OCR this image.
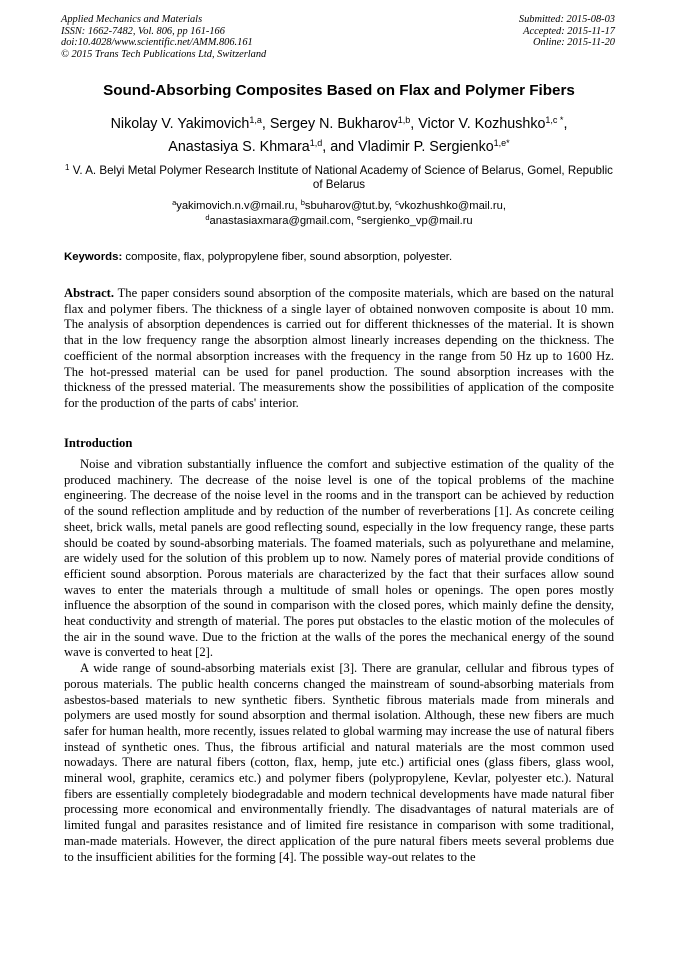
Applied Mechanics and Materials
ISSN: 1662-7482, Vol. 806, pp 161-166
doi:10.4028/www.scientific.net/AMM.806.161
© 2015 Trans Tech Publications Ltd, Switzerland
Submitted: 2015-08-03
Accepted: 2015-11-17
Online: 2015-11-20
Sound-Absorbing Composites Based on Flax and Polymer Fibers
Nikolay V. Yakimovich$^{1,a}$, Sergey N. Bukharov$^{1,b}$, Victor V. Kozhushko$^{1,c *}$,
Anastasiya S. Khmara$^{1,d}$, and Vladimir P. Sergienko$^{1,e*}$
$^1$ V. A. Belyi Metal Polymer Research Institute of National Academy of Science of Belarus, Gomel, Republic of Belarus
$^a$yakimovich.n.v@mail.ru, $^b$sbuharov@tut.by, $^c$vkozhushko@mail.ru,
$^d$anastasiaxmara@gmail.com, $^e$sergienko_vp@mail.ru
Keywords: composite, flax, polypropylene fiber, sound absorption, polyester.
Abstract. The paper considers sound absorption of the composite materials, which are based on the natural flax and polymer fibers. The thickness of a single layer of obtained nonwoven composite is about 10 mm. The analysis of absorption dependences is carried out for different thicknesses of the material. It is shown that in the low frequency range the absorption almost linearly increases depending on the thickness. The coefficient of the normal absorption increases with the frequency in the range from 50 Hz up to 1600 Hz. The hot-pressed material can be used for panel production. The sound absorption increases with the thickness of the pressed material. The measurements show the possibilities of application of the composite for the production of the parts of cabs' interior.
Introduction

Noise and vibration substantially influence the comfort and subjective estimation of the quality of the produced machinery. The decrease of the noise level is one of the topical problems of the machine engineering. The decrease of the noise level in the rooms and in the transport can be achieved by reduction of the sound reflection amplitude and by reduction of the number of reverberations [1]. As concrete ceiling sheet, brick walls, metal panels are good reflecting sound, especially in the low frequency range, these parts should be coated by sound-absorbing materials. The foamed materials, such as polyurethane and melamine, are widely used for the solution of this problem up to now. Namely pores of material provide conditions of efficient sound absorption. Porous materials are characterized by the fact that their surfaces allow sound waves to enter the materials through a multitude of small holes or openings. The open pores mostly influence the absorption of the sound in comparison with the closed pores, which mainly define the density, heat conductivity and strength of material. The pores put obstacles to the elastic motion of the molecules of the air in the sound wave. Due to the friction at the walls of the pores the mechanical energy of the sound wave is converted to heat [2].

A wide range of sound-absorbing materials exist [3]. There are granular, cellular and fibrous types of porous materials. The public health concerns changed the mainstream of sound-absorbing materials from asbestos-based materials to new synthetic fibers. Synthetic fibrous materials made from minerals and polymers are used mostly for sound absorption and thermal isolation. Although, these new fibers are much safer for human health, more recently, issues related to global warming may increase the use of natural fibers instead of synthetic ones. Thus, the fibrous artificial and natural materials are the most common used nowadays. There are natural fibers (cotton, flax, hemp, jute etc.) artificial ones (glass fibers, glass wool, mineral wool, graphite, ceramics etc.) and polymer fibers (polypropylene, Kevlar, polyester etc.). Natural fibers are essentially completely biodegradable and modern technical developments have made natural fiber processing more economical and environmentally friendly. The disadvantages of natural materials are of limited fungal and parasites resistance and of limited fire resistance in comparison with some traditional, man-made materials. However, the direct application of the pure natural fibers meets several problems due to the insufficient abilities for the forming [4]. The possible way-out relates to the
